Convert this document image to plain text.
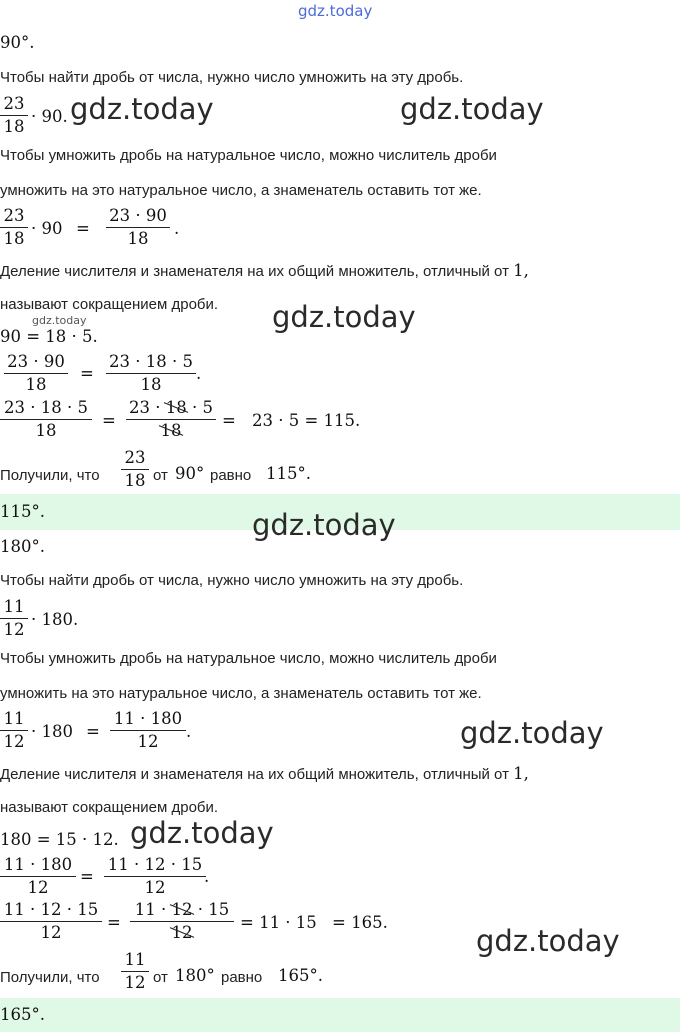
gdz.today
gdz.today	gdz.today
gdz.today
gdz.today
gdz.today
gdz.today
gdz.today
gdz.today
90°.
Чтобы найти дробь от числа, нужно число умножить на эту дробь.
23
18
· 90.
Чтобы умножить дробь на натуральное число, можно числитель дроби
умножить на это натуральное число, а знаменатель оставить тот же.
23
18
· 90 =
23 · 90
18
.
Деление числителя и знаменателя на их общий множитель, отличный от 1,
называют сокращением дроби.
90 = 18 · 5.
23 · 90
18
=
23 · 18 · 5
18
.
23 · 18 · 5
18
=
23 · 18 · 5
18
= 23 · 5 = 115.
Получили, что
23
18 от 90° равно 115°.
115°.
180°.
Чтобы найти дробь от числа, нужно число умножить на эту дробь.
11
12
· 180.
Чтобы умножить дробь на натуральное число, можно числитель дроби
умножить на это натуральное число, а знаменатель оставить тот же.
11
12
· 180 =
11 · 180
12
.
Деление числителя и знаменателя на их общий множитель, отличный от 1,
называют сокращением дроби.
180 = 15 · 12.
11 · 180
12
=
11 · 12 · 15
12
.
11 · 12 · 15
12
=
11 · 12 · 15
12
= 11 · 15 = 165.
Получили, что
11
12 от 180° равно 165°.
165°.
